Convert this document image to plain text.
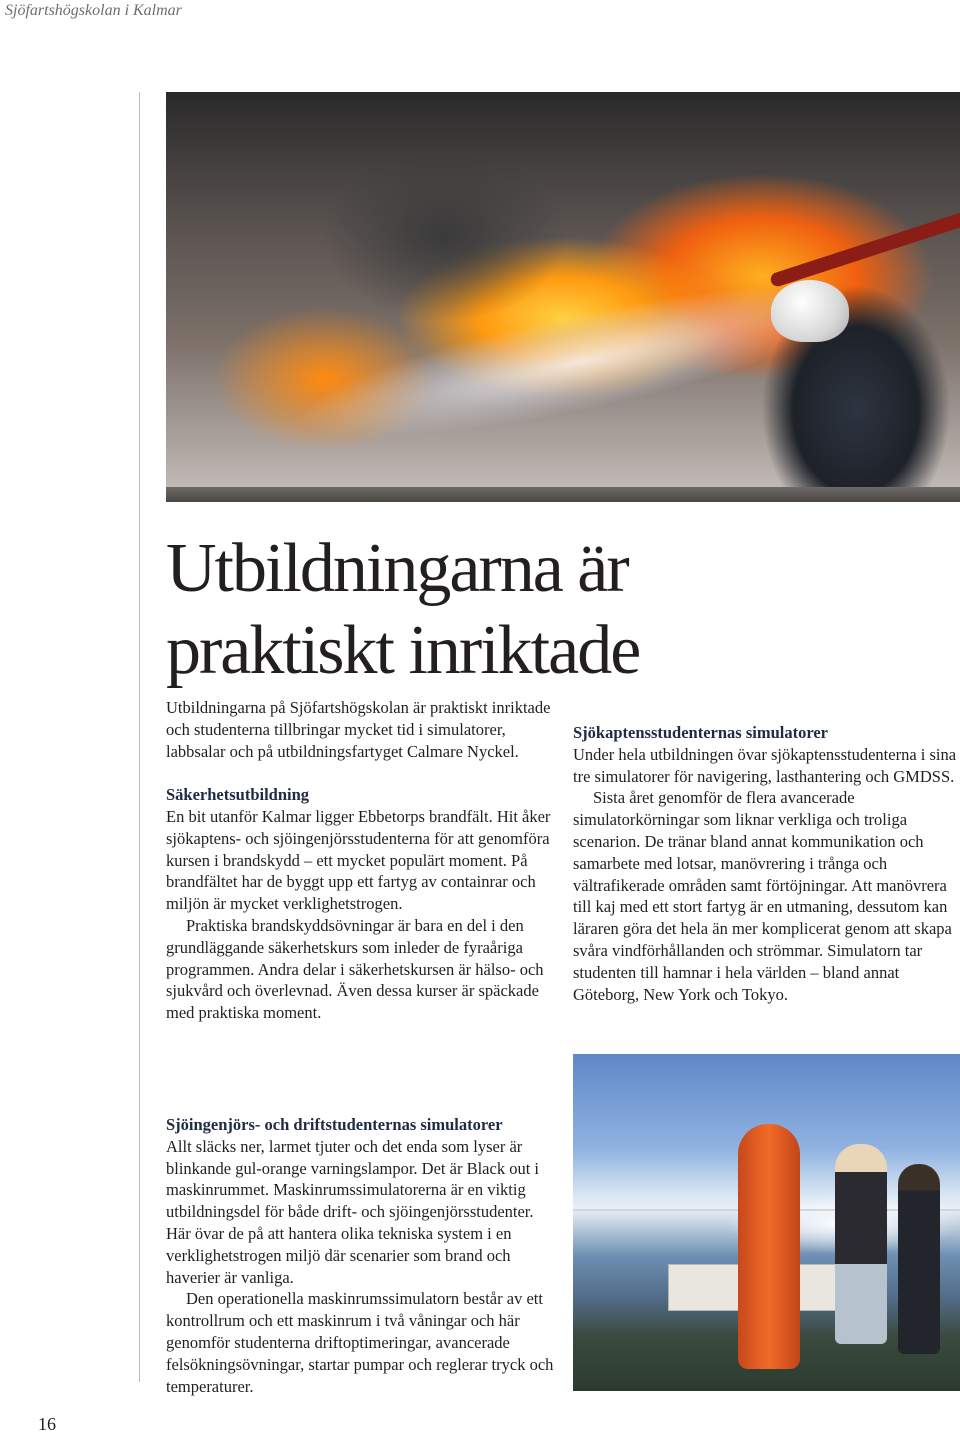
Sjöfartshögskolan i Kalmar
Utbildningarna är
praktiskt inriktade

Utbildningarna på Sjöfartshögskolan är praktiskt inriktade och studenterna tillbringar mycket tid i simulatorer, labbsalar och på utbildningsfartyget Calmare Nyckel.

Säkerhetsutbildning

En bit utanför Kalmar ligger Ebbetorps brandfält. Hit åker sjökaptens- och sjöingenjörsstudenterna för att genomföra kursen i brandskydd – ett mycket populärt moment. På brandfältet har de byggt upp ett fartyg av containrar och miljön är mycket verklighetstrogen.

Praktiska brandskyddsövningar är bara en del i den grundläggande säkerhetskurs som inleder de fyraåriga programmen. Andra delar i säkerhetskursen är hälso- och sjukvård och överlevnad. Även dessa kurser är späckade med praktiska moment.

Sjöingenjörs- och driftstudenternas simulatorer

Allt släcks ner, larmet tjuter och det enda som lyser är blinkande gul-orange varningslampor. Det är Black out i maskinrummet. Maskinrumssimulatorerna är en viktig utbildningsdel för både drift- och sjöingenjörsstudenter. Här övar de på att hantera olika tekniska system i en verklighetstrogen miljö där scenarier som brand och haverier är vanliga.

Den operationella maskinrumssimulatorn består av ett kontrollrum och ett maskinrum i två våningar och här genomför studenterna driftoptimeringar, avancerade felsökningsövningar, startar pumpar och reglerar tryck och temperaturer.

Sjökaptensstudenternas simulatorer

Under hela utbildningen övar sjökaptensstudenterna i sina tre simulatorer för navigering, lasthantering och GMDSS.

Sista året genomför de flera avancerade simulatorkörningar som liknar verkliga och troliga scenarion. De tränar bland annat kommunikation och samarbete med lotsar, manövrering i trånga och vältrafikerade områden samt förtöjningar. Att manövrera till kaj med ett stort fartyg är en utmaning, dessutom kan läraren göra det hela än mer komplicerat genom att skapa svåra vindförhållanden och strömmar. Simulatorn tar studenten till hamnar i hela världen – bland annat Göteborg, New York och Tokyo.

16
